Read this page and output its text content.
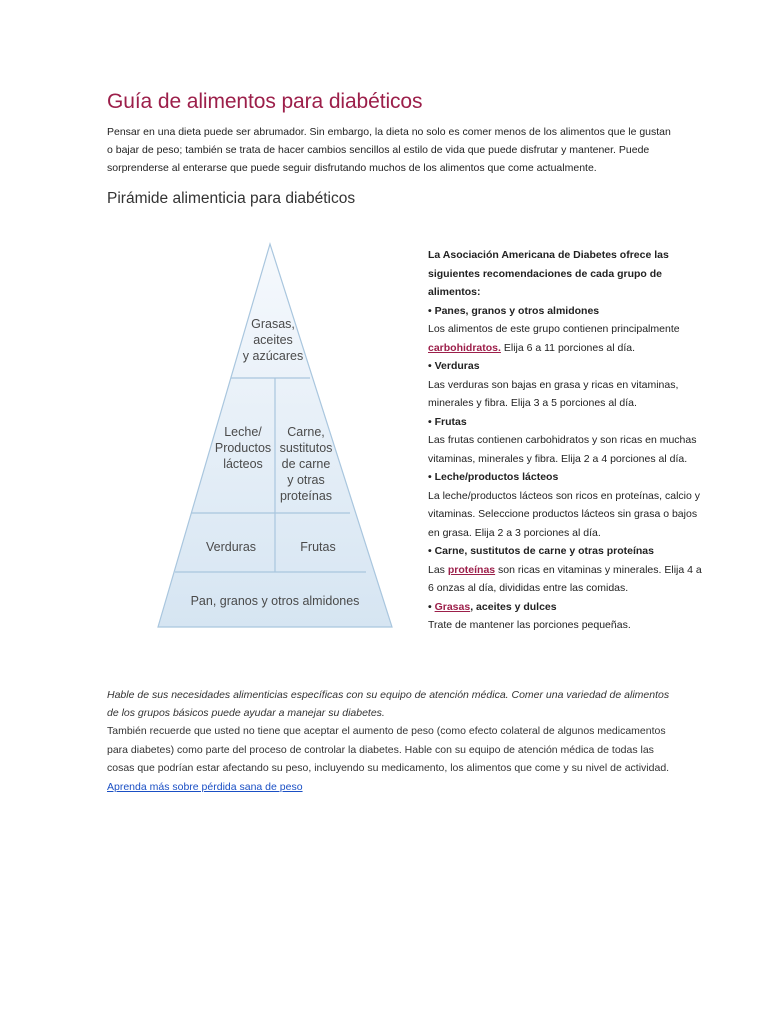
Guía de alimentos para diabéticos

Pensar en una dieta puede ser abrumador. Sin embargo, la dieta no solo es comer menos de los alimentos que le gustan o bajar de peso; también se trata de hacer cambios sencillos al estilo de vida que puede disfrutar y mantener. Puede sorprenderse al enterarse que puede seguir disfrutando muchos de los alimentos que come actualmente.

Pirámide alimenticia para diabéticos
Grasas,
aceites
y azúcares
Leche/
Productos
lácteos
Carne,
sustitutos
de carne
y otras
proteínas
Verduras	Frutas
Pan, granos y otros almidones

La Asociación Americana de Diabetes ofrece las siguientes recomendaciones de cada grupo de alimentos:

• Panes, granos y otros almidones

Los alimentos de este grupo contienen principalmente
carbohidratos. Elija 6 a 11 porciones al día.

• Verduras

Las verduras son bajas en grasa y ricas en vitaminas, minerales y fibra. Elija 3 a 5 porciones al día.

• Frutas

Las frutas contienen carbohidratos y son ricas en muchas vitaminas, minerales y fibra. Elija 2 a 4 porciones al día.

• Leche/productos lácteos

La leche/productos lácteos son ricos en proteínas, calcio y vitaminas. Seleccione productos lácteos sin grasa o bajos en grasa. Elija 2 a 3 porciones al día.

• Carne, sustitutos de carne y otras proteínas

Las proteínas son ricas en vitaminas y minerales. Elija 4 a 6 onzas al día, divididas entre las comidas.

• Grasas, aceites y dulces

Trate de mantener las porciones pequeñas.

Hable de sus necesidades alimenticias específicas con su equipo de atención médica. Comer una variedad de alimentos de los grupos básicos puede ayudar a manejar su diabetes.

También recuerde que usted no tiene que aceptar el aumento de peso (como efecto colateral de algunos medicamentos para diabetes) como parte del proceso de controlar la diabetes. Hable con su equipo de atención médica de todas las cosas que podrían estar afectando su peso, incluyendo su medicamento, los alimentos que come y su nivel de actividad. Aprenda más sobre pérdida sana de peso
